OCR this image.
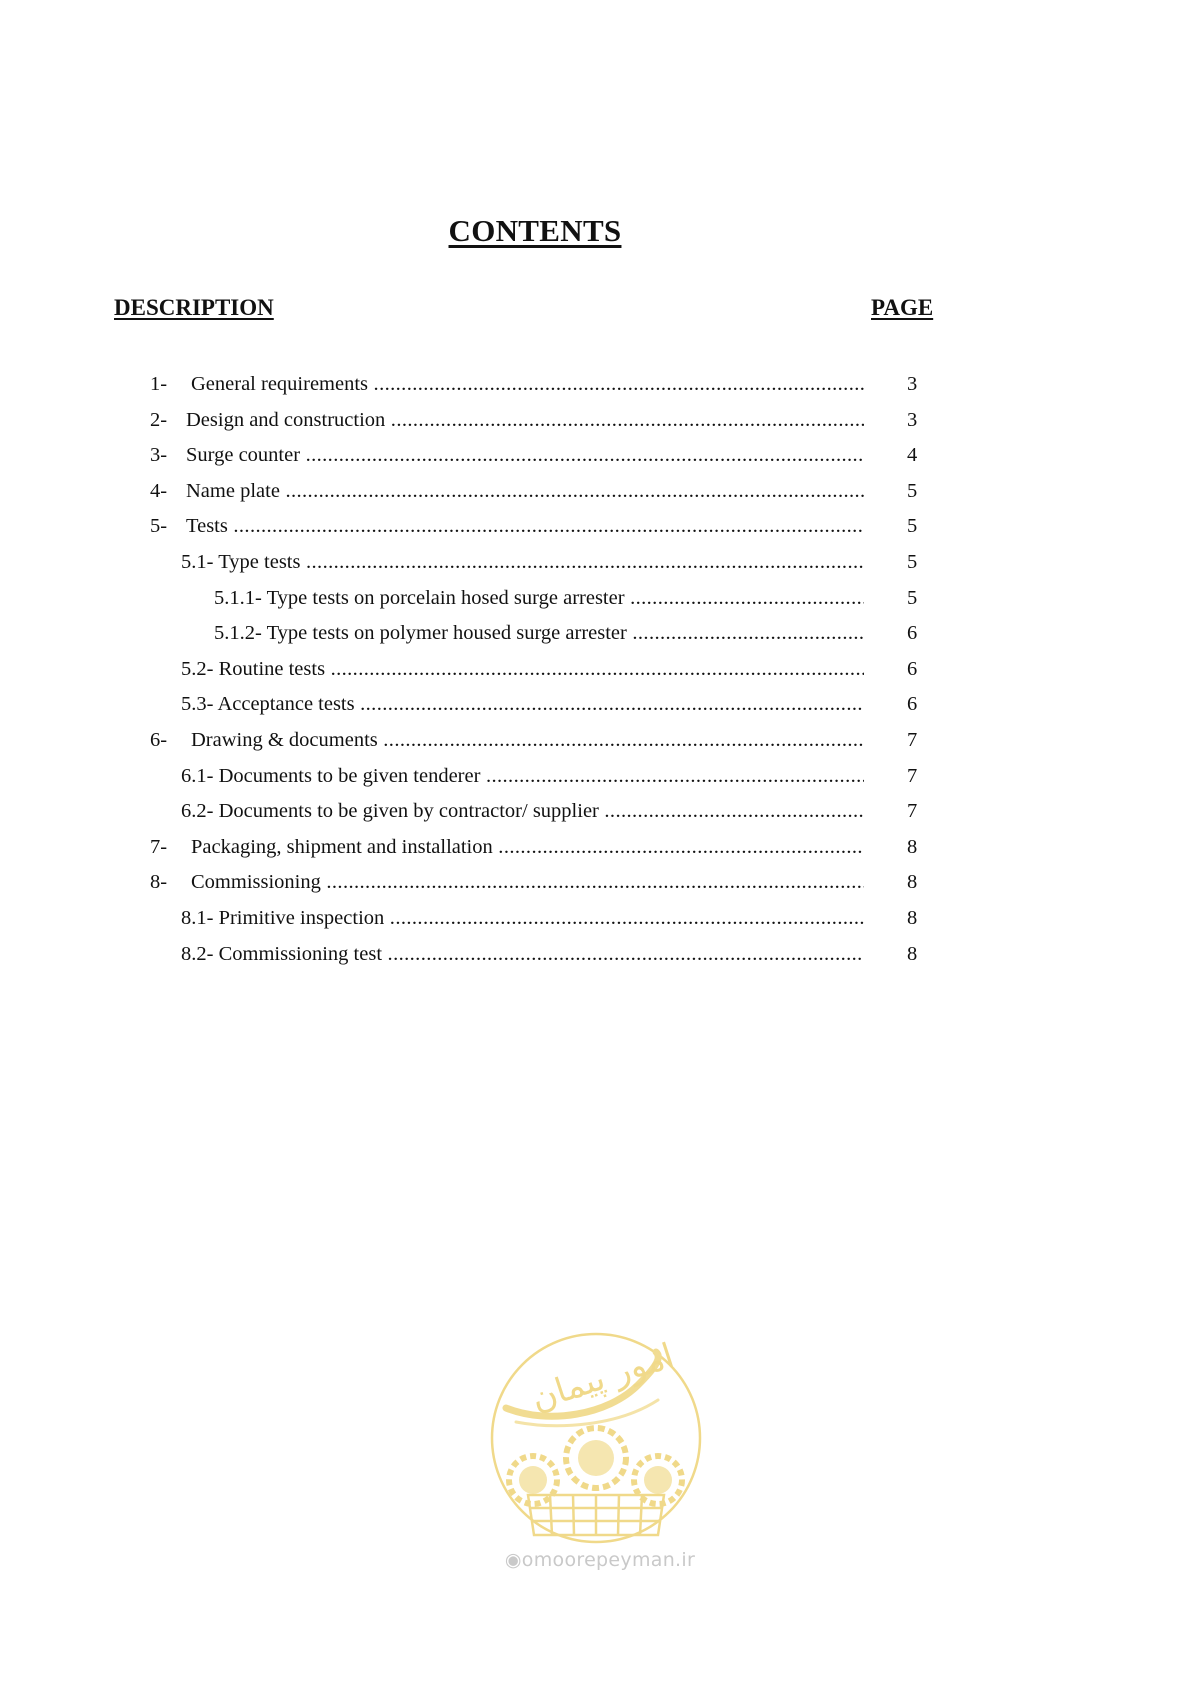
CONTENTS
DESCRIPTION	PAGE
1- General requirements .....	3
2- Design and construction .....	3
3- Surge counter .....	4
4- Name plate .....	5
5- Tests .....	5
5.1- Type tests .....	5
5.1.1- Type tests on porcelain hosed surge arrester .....	5
5.1.2- Type tests on polymer housed surge arrester .....	6
5.2- Routine tests .....	6
5.3- Acceptance tests .....	6
6- Drawing & documents .....	7
6.1- Documents to be given tenderer .....	7
6.2- Documents to be given by contractor/ supplier .....	7
7- Packaging, shipment and installation .....	8
8- Commissioning .....	8
8.1- Primitive inspection .....	8
8.2- Commissioning test .....	8
امور پیمان
◉omoorepeyman.ir
